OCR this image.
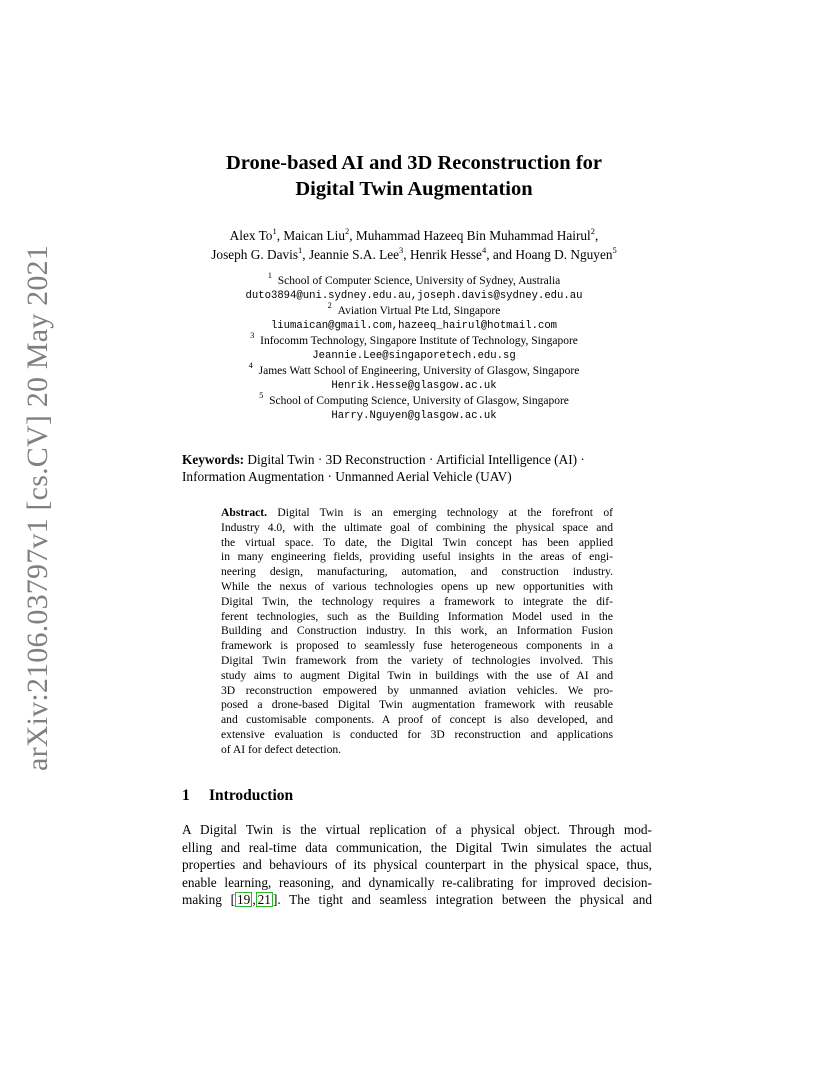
arXiv:2106.03797v1 [cs.CV] 20 May 2021
Drone-based AI and 3D Reconstruction for
Digital Twin Augmentation
Alex To$^1$, Maican Liu$^2$, Muhammad Hazeeq Bin Muhammad Hairul$^2$,
Joseph G. Davis$^1$, Jeannie S.A. Lee$^3$, Henrik Hesse$^4$, and Hoang D. Nguyen$^5$
$^1$ School of Computer Science, University of Sydney, Australia
duto3894@uni.sydney.edu.au,joseph.davis@sydney.edu.au
$^2$ Aviation Virtual Pte Ltd, Singapore
liumaican@gmail.com,hazeeq_hairul@hotmail.com
$^3$ Infocomm Technology, Singapore Institute of Technology, Singapore
Jeannie.Lee@singaporetech.edu.sg
$^4$ James Watt School of Engineering, University of Glasgow, Singapore
Henrik.Hesse@glasgow.ac.uk
$^5$ School of Computing Science, University of Glasgow, Singapore
Harry.Nguyen@glasgow.ac.uk
Keywords: Digital Twin · 3D Reconstruction · Artificial Intelligence (AI) ·
Information Augmentation · Unmanned Aerial Vehicle (UAV)
Abstract. Digital Twin is an emerging technology at the forefront of
Industry 4.0, with the ultimate goal of combining the physical space and
the virtual space. To date, the Digital Twin concept has been applied
in many engineering fields, providing useful insights in the areas of engi-
neering design, manufacturing, automation, and construction industry.
While the nexus of various technologies opens up new opportunities with
Digital Twin, the technology requires a framework to integrate the dif-
ferent technologies, such as the Building Information Model used in the
Building and Construction industry. In this work, an Information Fusion
framework is proposed to seamlessly fuse heterogeneous components in a
Digital Twin framework from the variety of technologies involved. This
study aims to augment Digital Twin in buildings with the use of AI and
3D reconstruction empowered by unmanned aviation vehicles. We pro-
posed a drone-based Digital Twin augmentation framework with reusable
and customisable components. A proof of concept is also developed, and
extensive evaluation is conducted for 3D reconstruction and applications
of AI for defect detection.
1 Introduction
A Digital Twin is the virtual replication of a physical object. Through mod-
elling and real-time data communication, the Digital Twin simulates the actual
properties and behaviours of its physical counterpart in the physical space, thus,
enable learning, reasoning, and dynamically re-calibrating for improved decision-
making [ 19 , 21 ]. The tight and seamless integration between the physical and
